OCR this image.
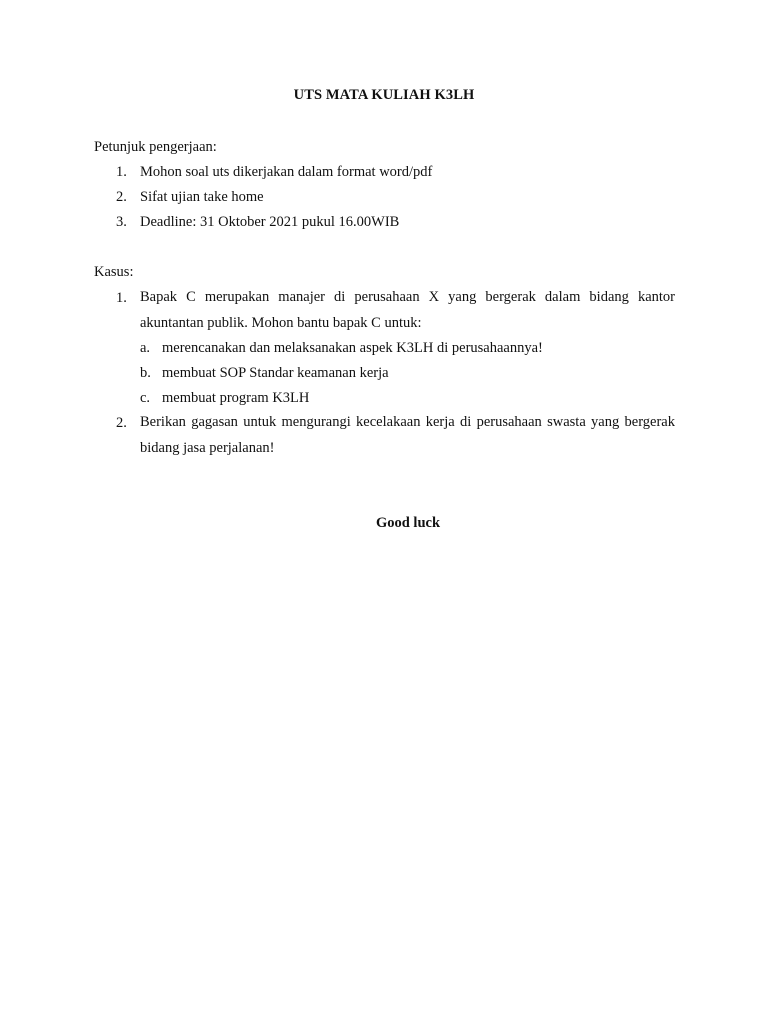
UTS MATA KULIAH K3LH
Petunjuk pengerjaan:
1. Mohon soal uts dikerjakan dalam format word/pdf
2. Sifat ujian take home
3. Deadline: 31 Oktober 2021 pukul 16.00WIB
Kasus:
1. Bapak C merupakan manajer di perusahaan X yang bergerak dalam bidang kantor akuntantan publik. Mohon bantu bapak C untuk:
a. merencanakan dan melaksanakan aspek K3LH di perusahaannya!
b. membuat SOP Standar keamanan kerja
c. membuat program K3LH
2. Berikan gagasan untuk mengurangi kecelakaan kerja di perusahaan swasta yang bergerak bidang jasa perjalanan!
Good luck
